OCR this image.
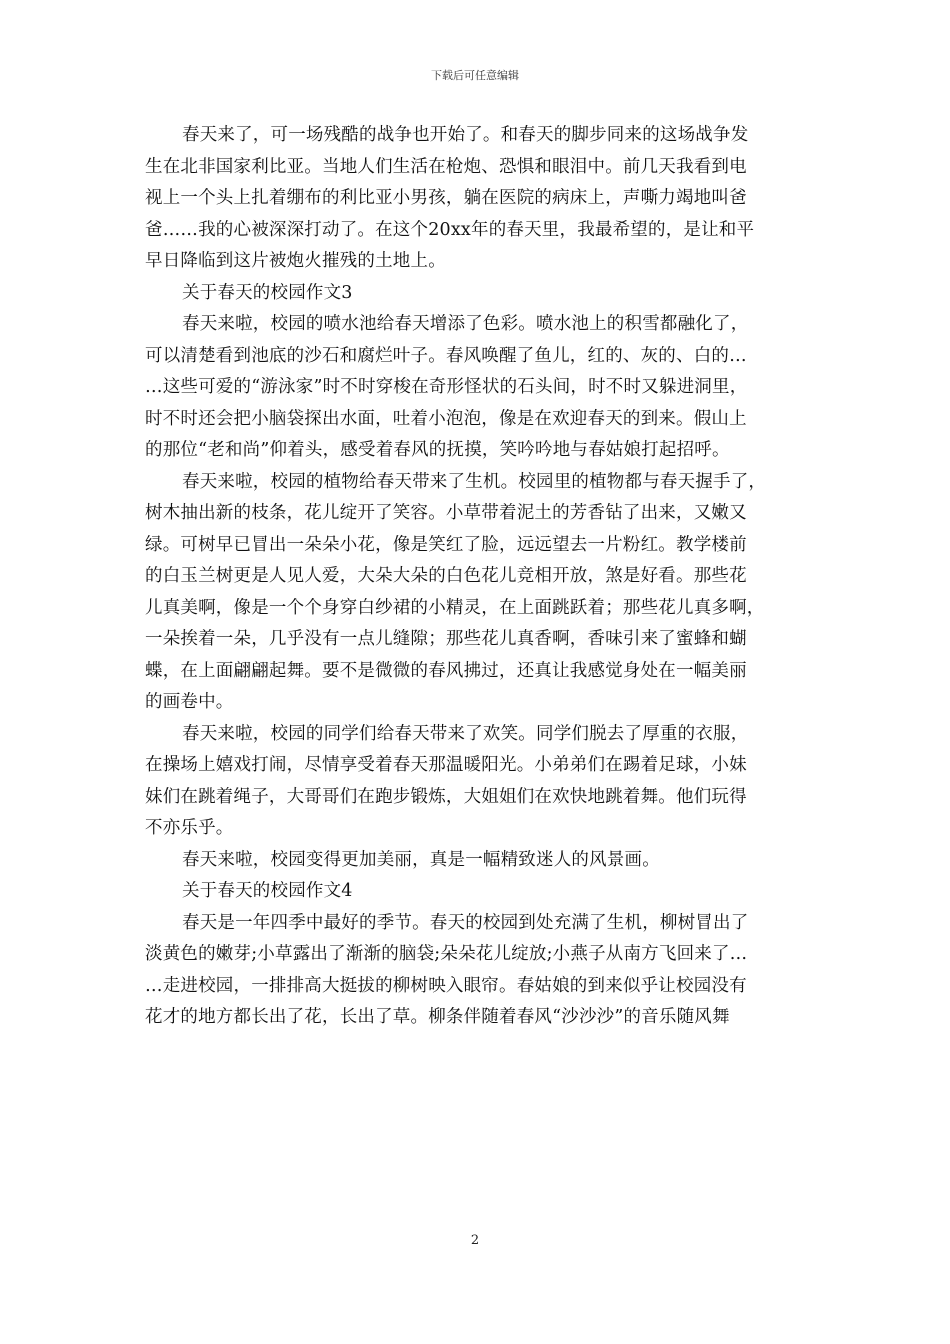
下载后可任意编辑
春天来了，可一场残酷的战争也开始了。和春天的脚步同来的这场战争发
生在北非国家利比亚。当地人们生活在枪炮、恐惧和眼泪中。前几天我看到电
视上一个头上扎着绷布的利比亚小男孩，躺在医院的病床上，声嘶力竭地叫爸
爸……我的心被深深打动了。在这个20xx年的春天里，我最希望的，是让和平
早日降临到这片被炮火摧残的土地上。
关于春天的校园作文3
春天来啦，校园的喷水池给春天增添了色彩。喷水池上的积雪都融化了，
可以清楚看到池底的沙石和腐烂叶子。春风唤醒了鱼儿，红的、灰的、白的…
…这些可爱的“游泳家”时不时穿梭在奇形怪状的石头间，时不时又躲进洞里，
时不时还会把小脑袋探出水面，吐着小泡泡，像是在欢迎春天的到来。假山上
的那位“老和尚”仰着头，感受着春风的抚摸，笑吟吟地与春姑娘打起招呼。
春天来啦，校园的植物给春天带来了生机。校园里的植物都与春天握手了，
树木抽出新的枝条，花儿绽开了笑容。小草带着泥土的芳香钻了出来，又嫩又
绿。可树早已冒出一朵朵小花，像是笑红了脸，远远望去一片粉红。教学楼前
的白玉兰树更是人见人爱，大朵大朵的白色花儿竞相开放，煞是好看。那些花
儿真美啊，像是一个个身穿白纱裙的小精灵，在上面跳跃着；那些花儿真多啊，
一朵挨着一朵，几乎没有一点儿缝隙；那些花儿真香啊，香味引来了蜜蜂和蝴
蝶，在上面翩翩起舞。要不是微微的春风拂过，还真让我感觉身处在一幅美丽
的画卷中。
春天来啦，校园的同学们给春天带来了欢笑。同学们脱去了厚重的衣服，
在操场上嬉戏打闹，尽情享受着春天那温暖阳光。小弟弟们在踢着足球，小妹
妹们在跳着绳子，大哥哥们在跑步锻炼，大姐姐们在欢快地跳着舞。他们玩得
不亦乐乎。
春天来啦，校园变得更加美丽，真是一幅精致迷人的风景画。
关于春天的校园作文4
春天是一年四季中最好的季节。春天的校园到处充满了生机，柳树冒出了
淡黄色的嫩芽;小草露出了渐渐的脑袋;朵朵花儿绽放;小燕子从南方飞回来了…
…走进校园，一排排高大挺拔的柳树映入眼帘。春姑娘的到来似乎让校园没有
花才的地方都长出了花，长出了草。柳条伴随着春风“沙沙沙”的音乐随风舞
2
